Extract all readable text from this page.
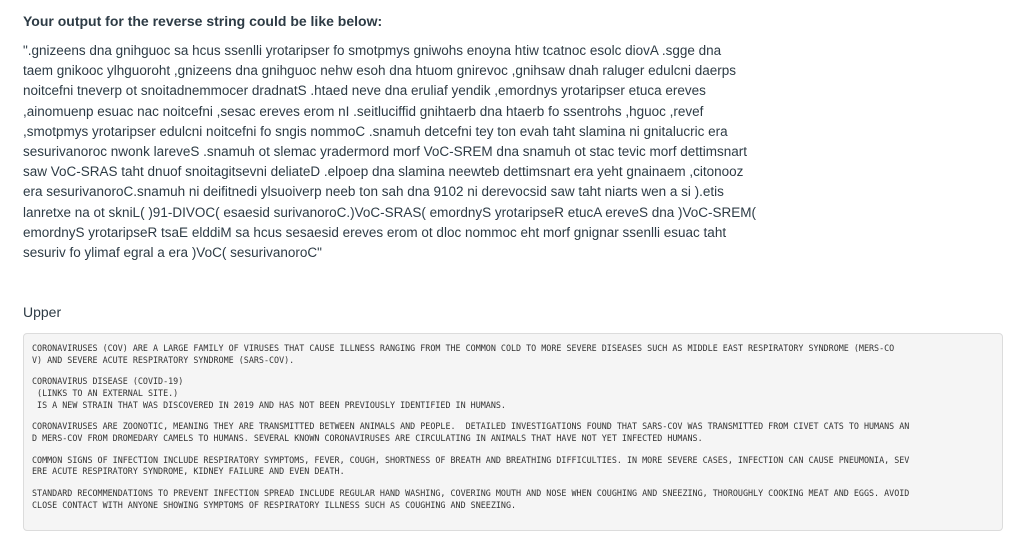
Your output for the reverse string could be like below:

".gnizeens dna gnihguoc sa hcus ssenlli yrotaripser fo smotpmys gniwohs enoyna htiw tcatnoc esolc diovA .sgge dna
taem gnikooc ylhguoroht ,gnizeens dna gnihguoc nehw esoh dna htuom gnirevoc ,gnihsaw dnah raluger edulcni daerps
noitcefni tneverp ot snoitadnemmocer dradnatS .htaed neve dna eruliaf yendik ,emordnys yrotaripser etuca ereves
,ainomuenp esuac nac noitcefni ,sesac ereves erom nI .seitluciffid gnihtaerb dna htaerb fo ssentrohs ,hguoc ,revef
,smotpmys yrotaripser edulcni noitcefni fo sngis nommoC .snamuh detcefni tey ton evah taht slamina ni gnitalucric era
sesurivanoroc nwonk lareveS .snamuh ot slemac yradermord morf VoC-SREM dna snamuh ot stac tevic morf dettimsnart
saw VoC-SRAS taht dnuof snoitagitsevni deliateD .elpoep dna slamina neewteb dettimsnart era yeht gnainaem ,citonooz
era sesurivanoroC.snamuh ni deifitnedi ylsuoiverp neeb ton sah dna 9102 ni derevocsid saw taht niarts wen a si ).etis
lanretxe na ot skniL( )91-DIVOC( esaesid surivanoroC.)VoC-SRAS( emordnyS yrotaripseR etucA ereveS dna )VoC-SREM(
emordnyS yrotaripseR tsaE elddiM sa hcus sesaesid ereves erom ot dloc nommoc eht morf gnignar ssenlli esuac taht
sesuriv fo ylimaf egral a era )VoC( sesurivanoroC"

Upper

CORONAVIRUSES (COV) ARE A LARGE FAMILY OF VIRUSES THAT CAUSE ILLNESS RANGING FROM THE COMMON COLD TO MORE SEVERE DISEASES SUCH AS MIDDLE EAST RESPIRATORY SYNDROME (MERS-CO
V) AND SEVERE ACUTE RESPIRATORY SYNDROME (SARS-COV).
CORONAVIRUS DISEASE (COVID-19)
(LINKS TO AN EXTERNAL SITE.)
IS A NEW STRAIN THAT WAS DISCOVERED IN 2019 AND HAS NOT BEEN PREVIOUSLY IDENTIFIED IN HUMANS.
CORONAVIRUSES ARE ZOONOTIC, MEANING THEY ARE TRANSMITTED BETWEEN ANIMALS AND PEOPLE.  DETAILED INVESTIGATIONS FOUND THAT SARS-COV WAS TRANSMITTED FROM CIVET CATS TO HUMANS AN
D MERS-COV FROM DROMEDARY CAMELS TO HUMANS. SEVERAL KNOWN CORONAVIRUSES ARE CIRCULATING IN ANIMALS THAT HAVE NOT YET INFECTED HUMANS.
COMMON SIGNS OF INFECTION INCLUDE RESPIRATORY SYMPTOMS, FEVER, COUGH, SHORTNESS OF BREATH AND BREATHING DIFFICULTIES. IN MORE SEVERE CASES, INFECTION CAN CAUSE PNEUMONIA, SEV
ERE ACUTE RESPIRATORY SYNDROME, KIDNEY FAILURE AND EVEN DEATH.
STANDARD RECOMMENDATIONS TO PREVENT INFECTION SPREAD INCLUDE REGULAR HAND WASHING, COVERING MOUTH AND NOSE WHEN COUGHING AND SNEEZING, THOROUGHLY COOKING MEAT AND EGGS. AVOID
CLOSE CONTACT WITH ANYONE SHOWING SYMPTOMS OF RESPIRATORY ILLNESS SUCH AS COUGHING AND SNEEZING.
